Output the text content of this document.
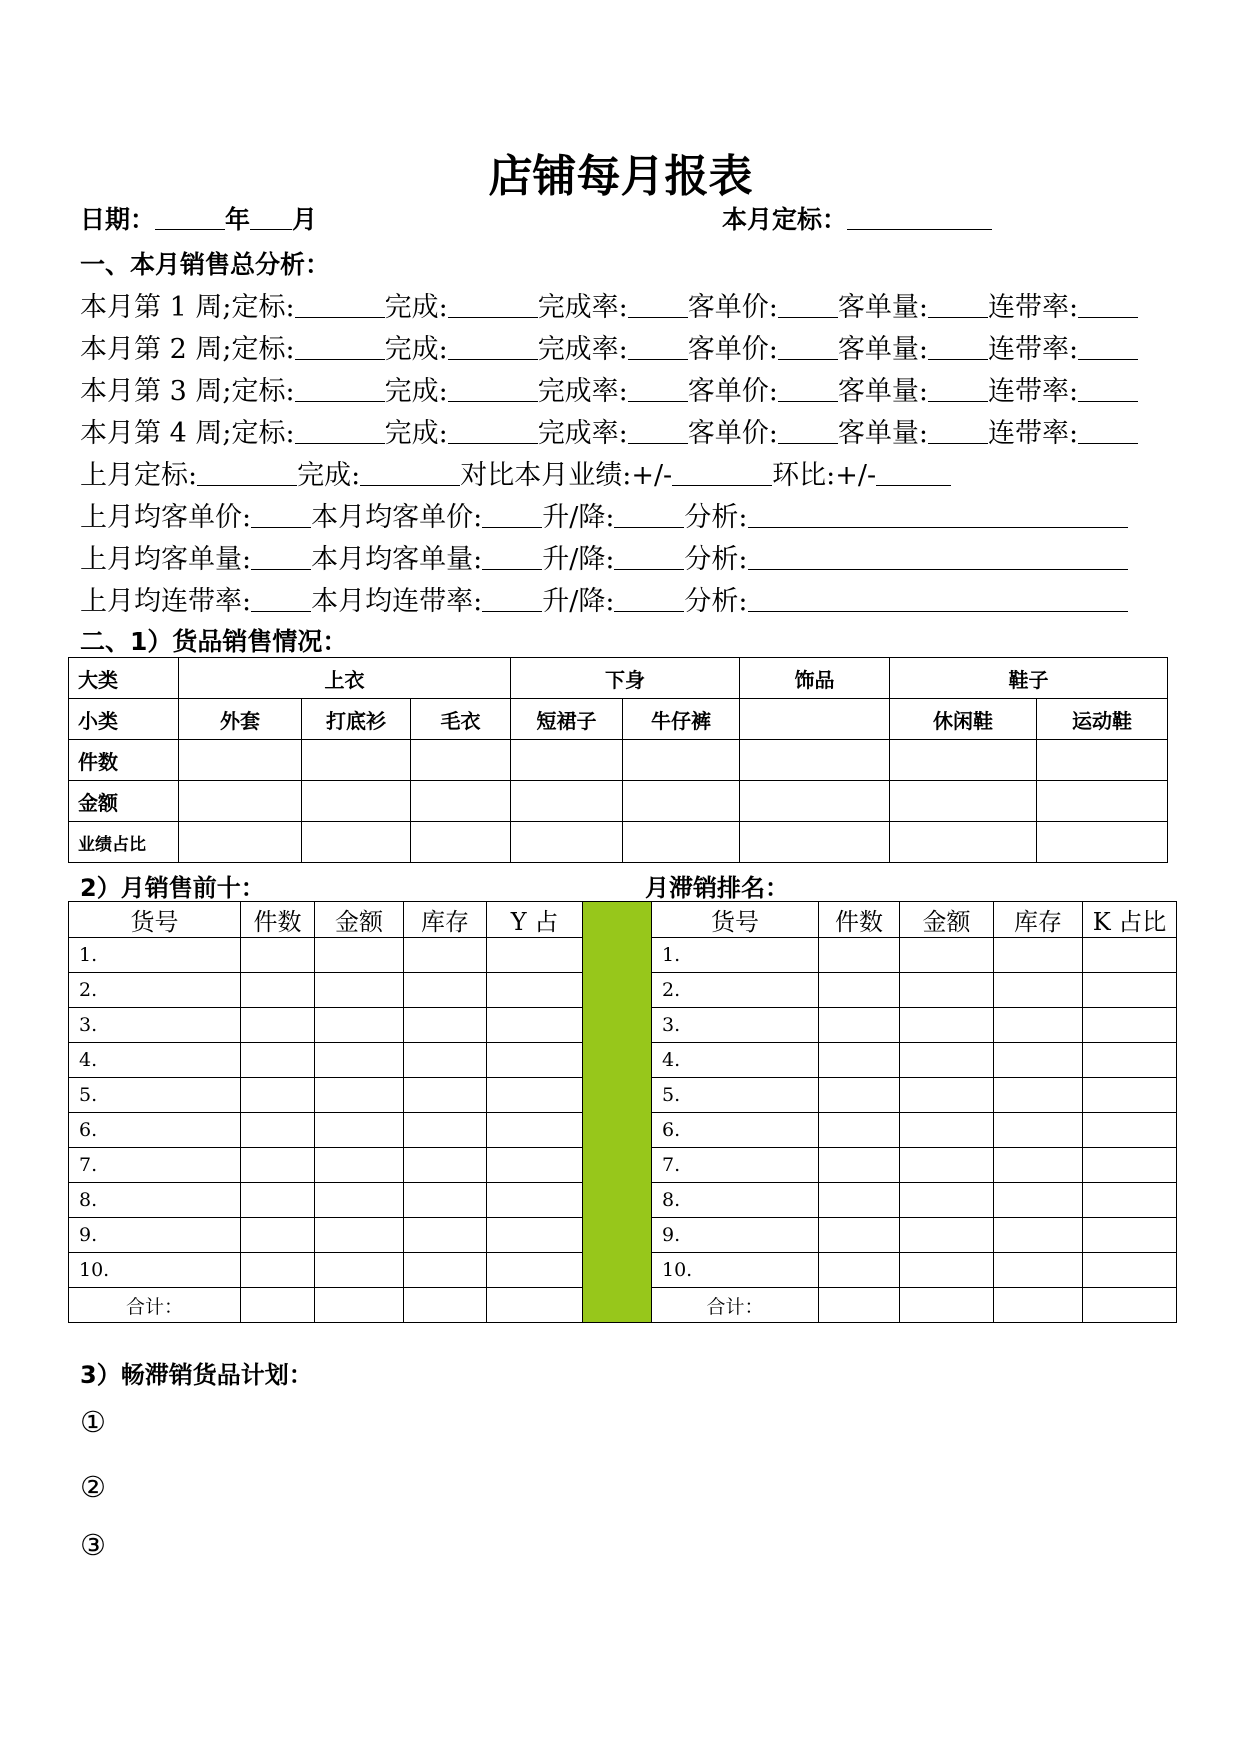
店铺每月报表
日期：	年 月	本月定标：
一、本月销售总分析：
本月第 1 周;定标:	完成:	完成率: 客单价: 客单量: 连带率:
本月第 2 周;定标:	完成:	完成率: 客单价: 客单量: 连带率:
本月第 3 周;定标:	完成:	完成率: 客单价: 客单量: 连带率:
本月第 4 周;定标:	完成:	完成率: 客单价: 客单量: 连带率:
上月定标:	完成:	对比本月业绩:+/-	环比:+/-
上月均客单价: 本月均客单价: 升/降:	分析:
上月均客单量: 本月均客单量: 升/降:	分析:
上月均连带率: 本月均连带率: 升/降:	分析:
二、1）货品销售情况：
大类	上衣			下身		饰品	鞋子	
小类	外套	打底衫	毛衣	短裙子	牛仔裤		休闲鞋	运动鞋
件数								
金额								
业绩占比								
2）月销售前十：	月滞销排名：
货号	件数	金额	库存	Y 占		货号	件数	金额	库存	K 占比
1.						1.				
2.						2.				
3.						3.				
4.						4.				
5.						5.				
6.						6.				
7.						7.				
8.						8.				
9.						9.				
10.						10.				
合计：						合计：				
3）畅滞销货品计划：
①
②
③
